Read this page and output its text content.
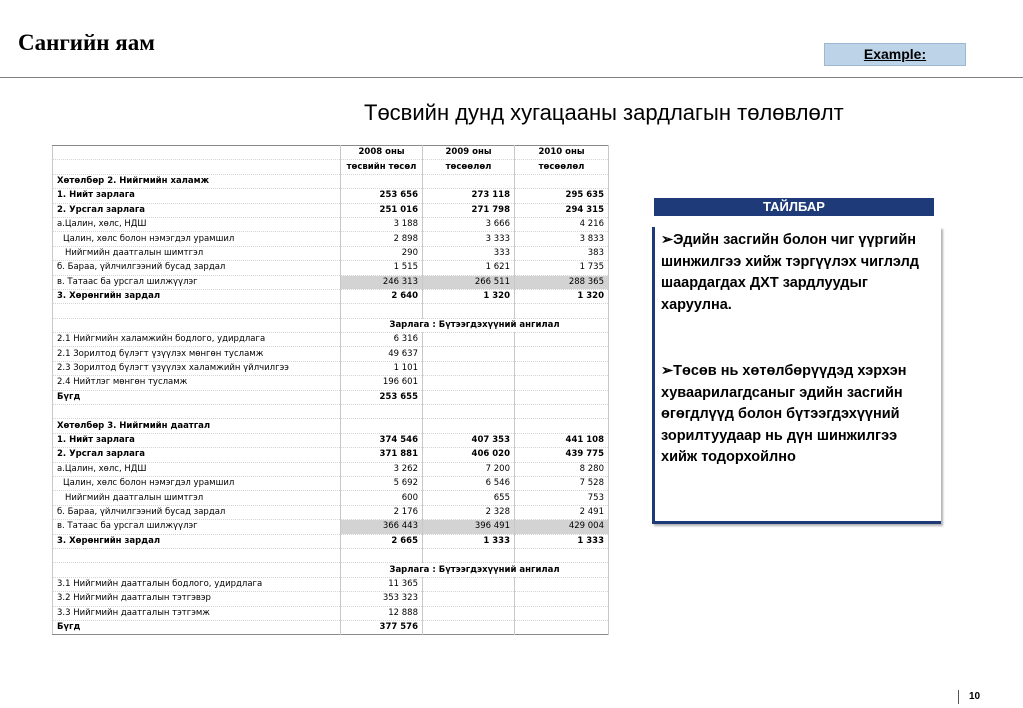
Сангийн яам	Example:
Төсвийн дунд хугацааны зардлагын төлөвлөлт
	2008 оны	2009 оны	2010 оны
	төсвийн төсөл	төсөөлөл	төсөөлөл
Хөтөлбөр 2. Нийгмийн халамж			
1. Нийт зарлага	253 656	273 118	295 635
2. Урсгал зарлага	251 016	271 798	294 315
а.Цалин, хөлс, НДШ	3 188	3 666	4 216
Цалин, хөлс болон нэмэгдэл урамшил	2 898	3 333	3 833
Нийгмийн даатгалын шимтгэл	290	333	383
б. Бараа, үйлчилгээний бусад зардал	1 515	1 621	1 735
в. Татаас ба урсгал шилжүүлэг	246 313	266 511	288 365
3. Хөрөнгийн зардал	2 640	1 320	1 320

	Зарлага : Бүтээгдэхүүний ангилал		
2.1 Нийгмийн халамжийн бодлого, удирдлага	6 316		
2.1 Зорилтод бүлэгт үзүүлэх мөнгөн тусламж	49 637		
2.3 Зорилтод бүлэгт үзүүлэх халамжийн үйлчилгээ	1 101		
2.4 Нийтлэг мөнгөн тусламж	196 601		
Бүгд	253 655		

Хөтөлбөр 3. Нийгмийн даатгал			
1. Нийт зарлага	374 546	407 353	441 108
2. Урсгал зарлага	371 881	406 020	439 775
а.Цалин, хөлс, НДШ	3 262	7 200	8 280
Цалин, хөлс болон нэмэгдэл урамшил	5 692	6 546	7 528
Нийгмийн даатгалын шимтгэл	600	655	753
б. Бараа, үйлчилгээний бусад зардал	2 176	2 328	2 491
в. Татаас ба урсгал шилжүүлэг	366 443	396 491	429 004
3. Хөрөнгийн зардал	2 665	1 333	1 333

	Зарлага : Бүтээгдэхүүний ангилал		
3.1 Нийгмийн даатгалын бодлого, удирдлага	11 365		
3.2 Нийгмийн даатгалын тэтгэвэр	353 323		
3.3 Нийгмийн даатгалын тэтгэмж	12 888		
Бүгд	377 576		
ТАЙЛБАР
➢Эдийн засгийн болон чиг үүргийн шинжилгээ хийж тэргүүлэх чиглэлд шаардагдах ДХТ зардлуудыг харуулна.
➢Төсөв нь хөтөлбөрүүдэд хэрхэн хуваарилагдсаныг эдийн засгийн өгөгдлүүд болон бүтээгдэхүүний зорилтуудаар нь дүн шинжилгээ хийж тодорхойлно
10
